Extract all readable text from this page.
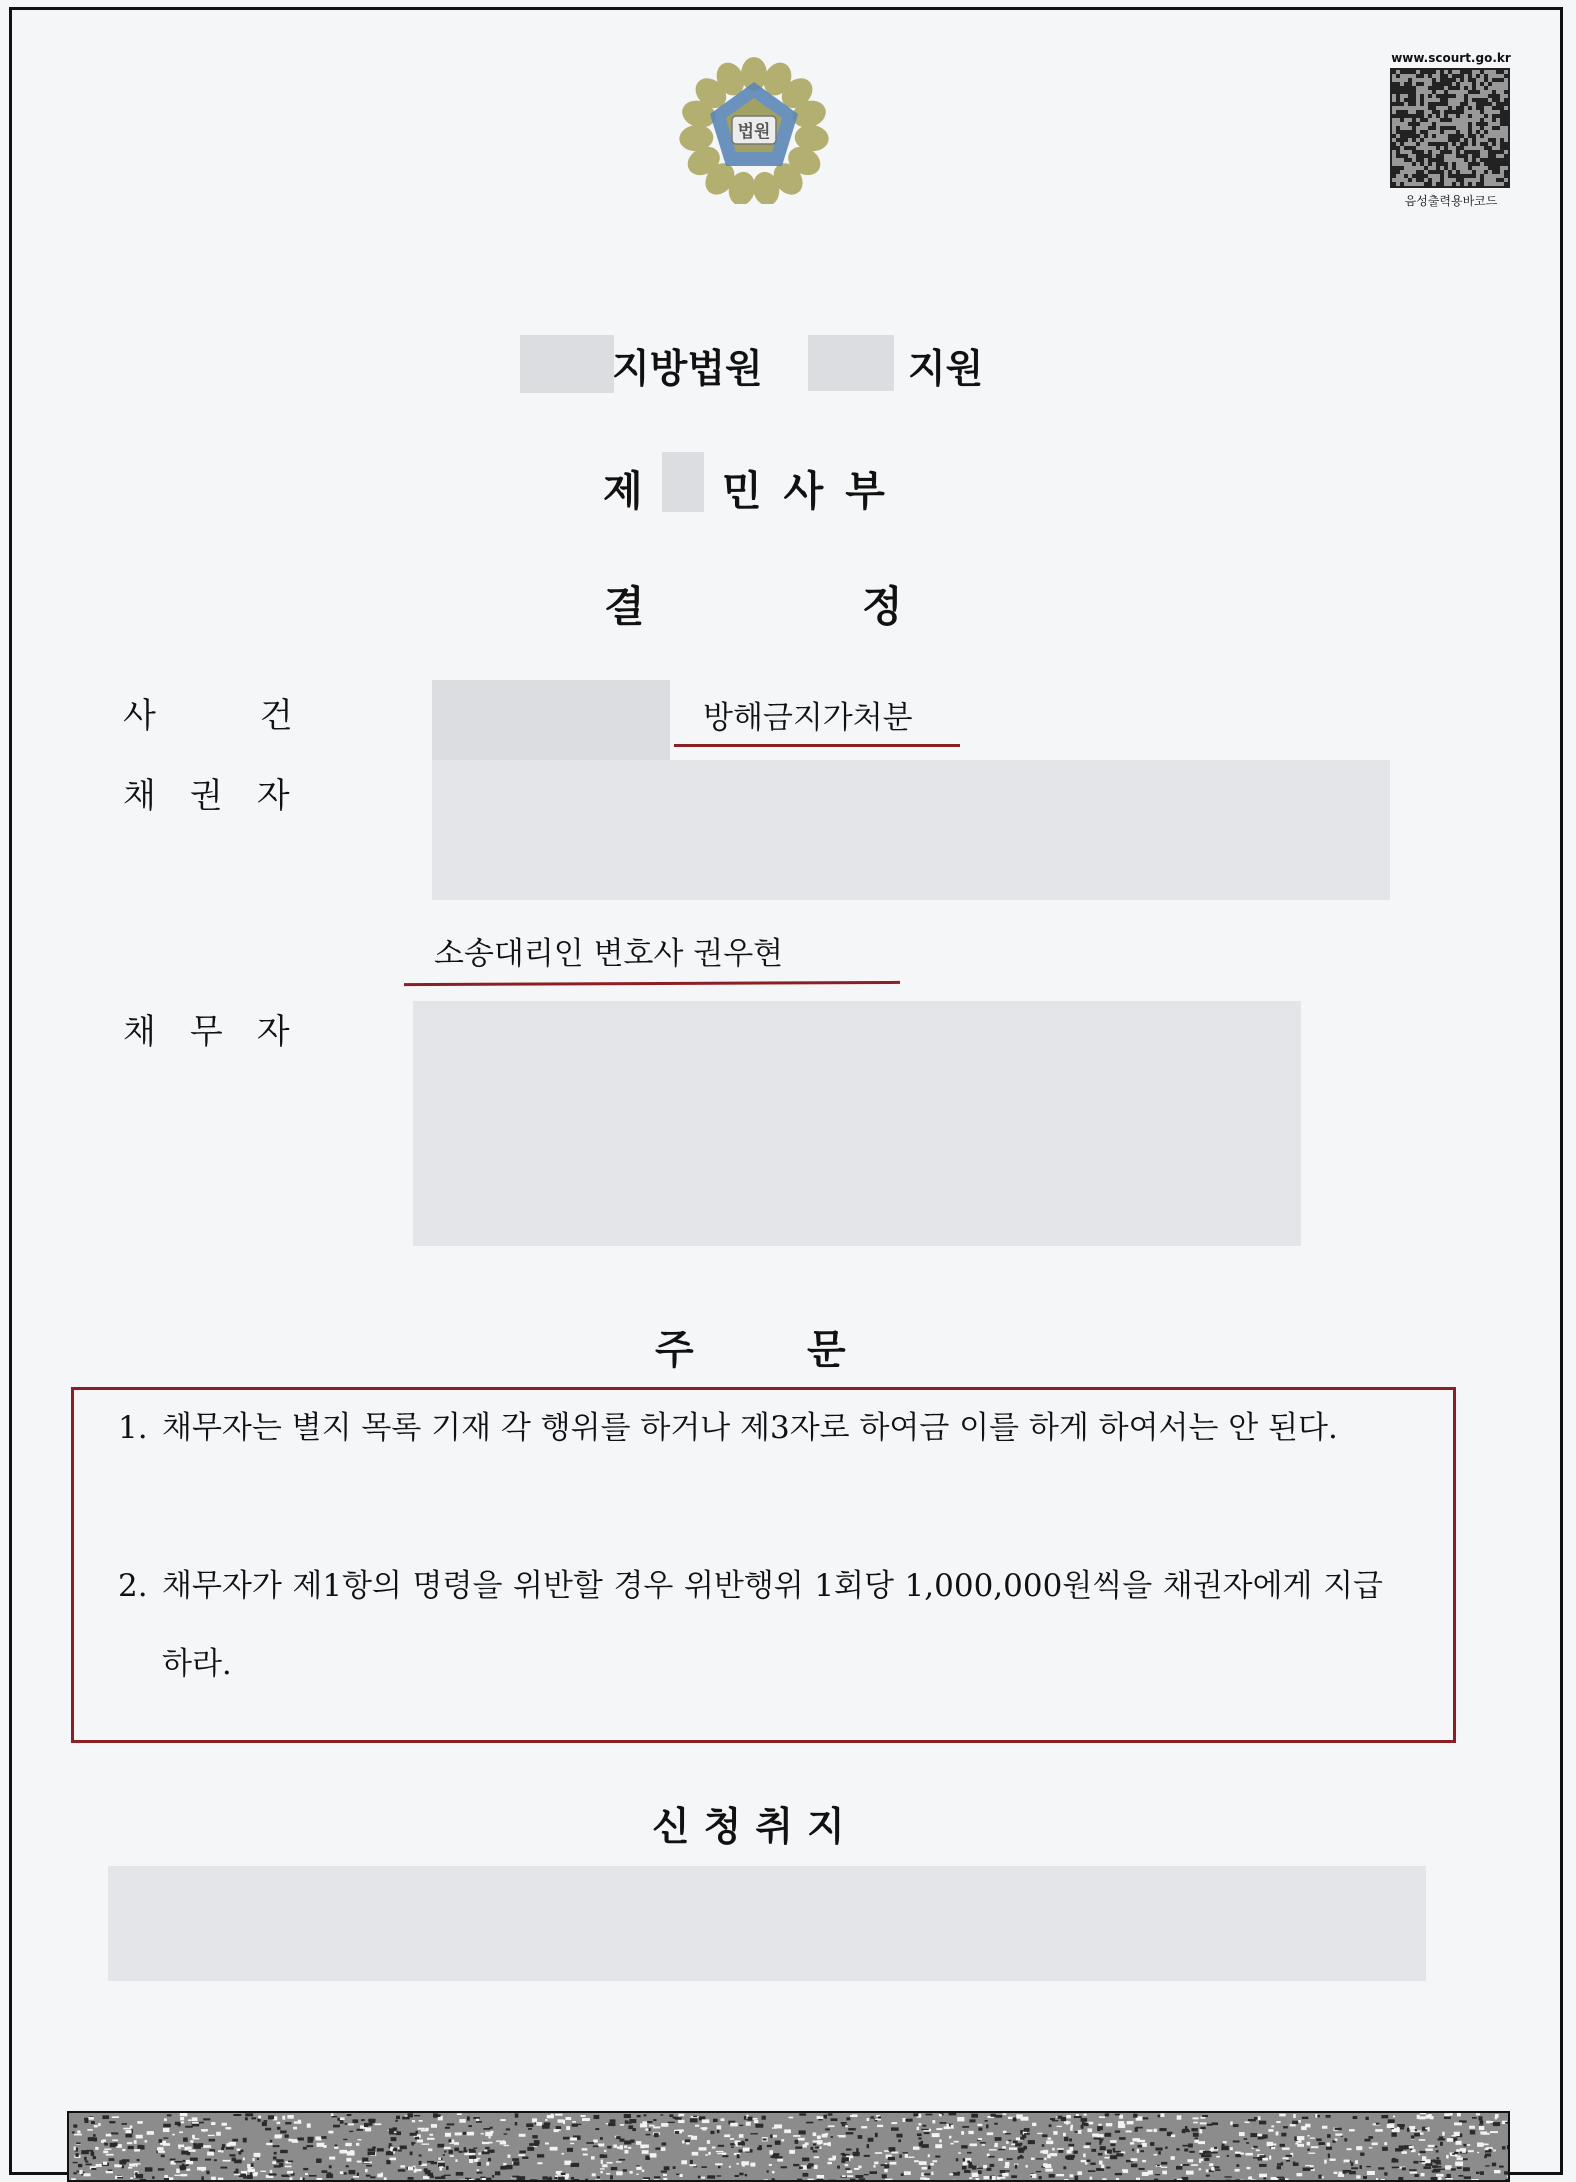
법원
www.scourt.go.kr
음성출력용바코드
지방법원	지원
제 민사부
결	정
사건	방해금지가처분
채권자
소송대리인 변호사 권우현
채무자
주	문
1. 채무자는 별지 목록 기재 각 행위를 하거나 제3자로 하여금 이를 하게 하여서는 안 된다.
2. 채무자가 제1항의 명령을 위반할 경우 위반행위 1회당 1,000,000원씩을 채권자에게 지급하라.
신청취지
